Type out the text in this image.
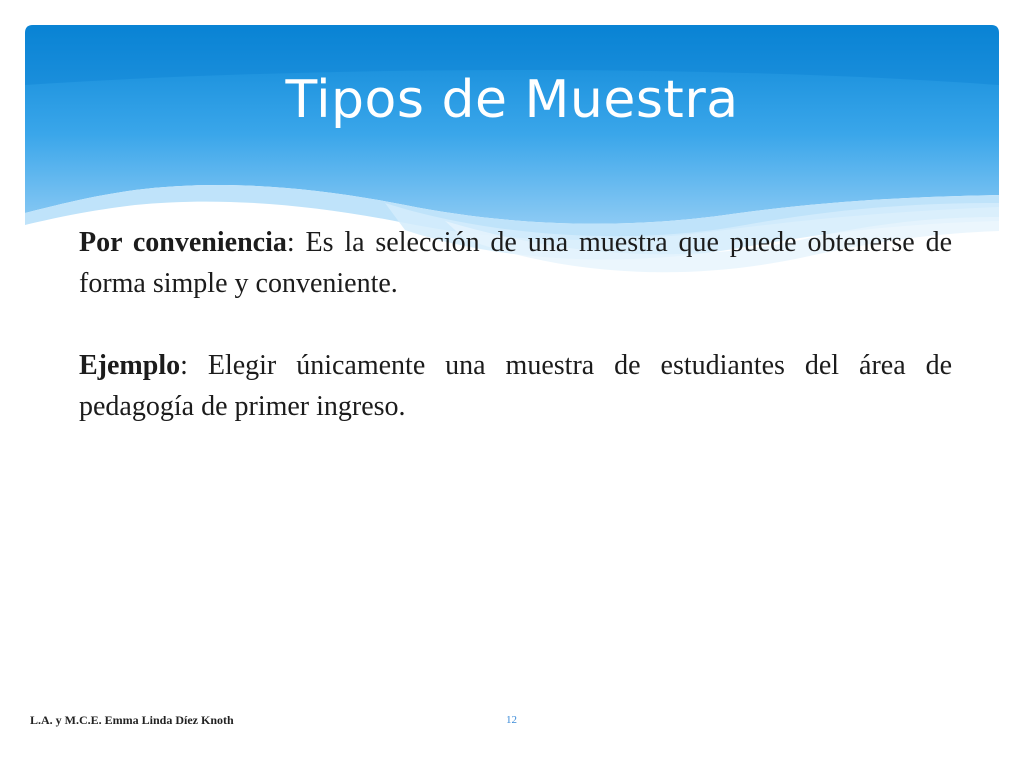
Tipos de Muestra

Por conveniencia: Es la selección de una muestra que puede obtenerse de forma simple y conveniente.

Ejemplo: Elegir únicamente una muestra de estudiantes del área de pedagogía de primer ingreso.

L.A. y M.C.E. Emma Linda Díez Knoth	12
